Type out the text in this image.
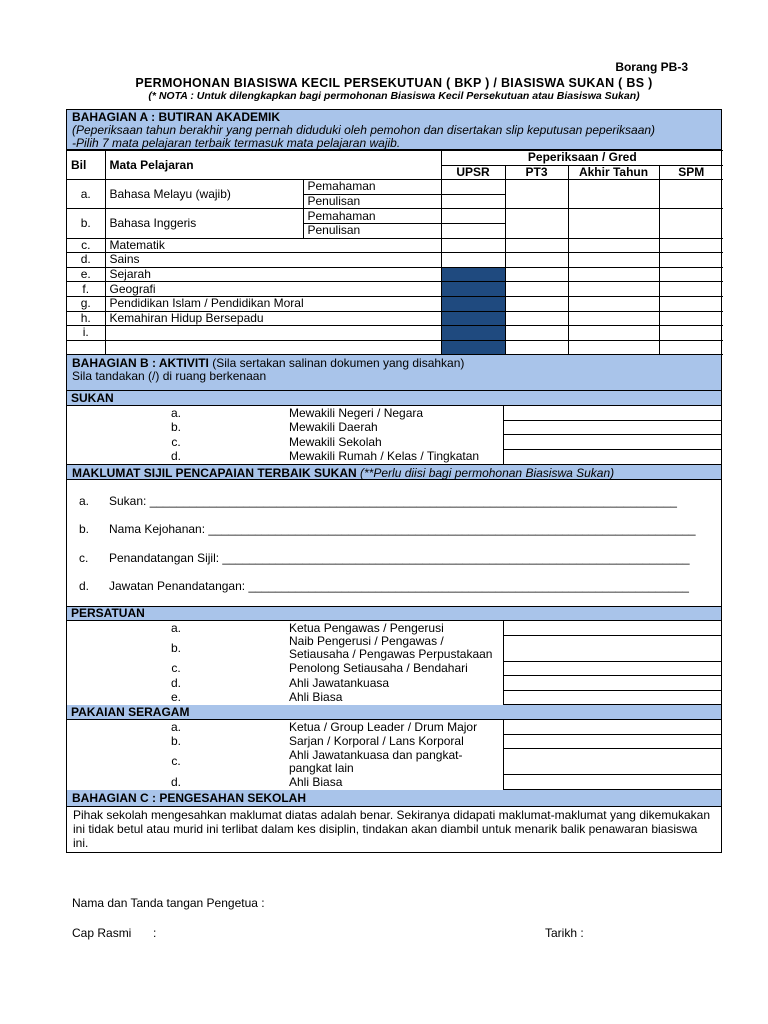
Borang PB-3
PERMOHONAN BIASISWA KECIL PERSEKUTUAN ( BKP ) / BIASISWA SUKAN ( BS )
(* NOTA : Untuk dilengkapkan bagi permohonan Biasiswa Kecil Persekutuan atau Biasiswa Sukan)
BAHAGIAN A : BUTIRAN AKADEMIK
(Peperiksaan tahun berakhir yang pernah diduduki oleh pemohon dan disertakan slip keputusan peperiksaan)
-Pilih 7 mata pelajaran terbaik termasuk mata pelajaran wajib.
Bil	Mata Pelajaran		Peperiksaan / Gred			
			UPSR	PT3	Akhir Tahun	SPM
a.	Bahasa Melayu (wajib)	Pemahaman				
		Penulisan				
b.	Bahasa Inggeris	Pemahaman				
		Penulisan				
c.	Matematik					
d.	Sains					
e.	Sejarah					
f.	Geografi					
g.	Pendidikan Islam / Pendidikan Moral					
h.	Kemahiran Hidup Bersepadu					
i.						

BAHAGIAN B : AKTIVITI (Sila sertakan salinan dokumen yang disahkan)
Sila tandakan (/) di ruang berkenaan
SUKAN		
a.	Mewakili Negeri / Negara	
b.	Mewakili Daerah	
c.	Mewakili Sekolah	
d.	Mewakili Rumah / Kelas / Tingkatan	
MAKLUMAT SIJIL PENCAPAIAN TERBAIK SUKAN (**Perlu diisi bagi permohonan Biasiswa Sukan)
a. Sukan: _______________________________________________________________________________
b. Nama Kejohanan: _________________________________________________________________________
c. Penandatangan Sijil: ______________________________________________________________________
d. Jawatan Penandatangan: __________________________________________________________________
PERSATUAN		
a.	Ketua Pengawas / Pengerusi	
b.	Naib Pengerusi / Pengawas / Setiausaha / Pengawas Perpustakaan	
c.	Penolong Setiausaha / Bendahari	
d.	Ahli Jawatankuasa	
e.	Ahli Biasa	
PAKAIAN SERAGAM		
a.	Ketua / Group Leader / Drum Major	
b.	Sarjan / Korporal / Lans Korporal	
c.	Ahli Jawatankuasa dan pangkat-pangkat lain	
d.	Ahli Biasa	
BAHAGIAN C : PENGESAHAN SEKOLAH
Pihak sekolah mengesahkan maklumat diatas adalah benar. Sekiranya didapati maklumat-maklumat yang dikemukakan ini tidak betul atau murid ini terlibat dalam kes disiplin, tindakan akan diambil untuk menarik balik penawaran biasiswa ini.
Nama dan Tanda tangan Pengetua :
Cap Rasmi :	Tarikh :
